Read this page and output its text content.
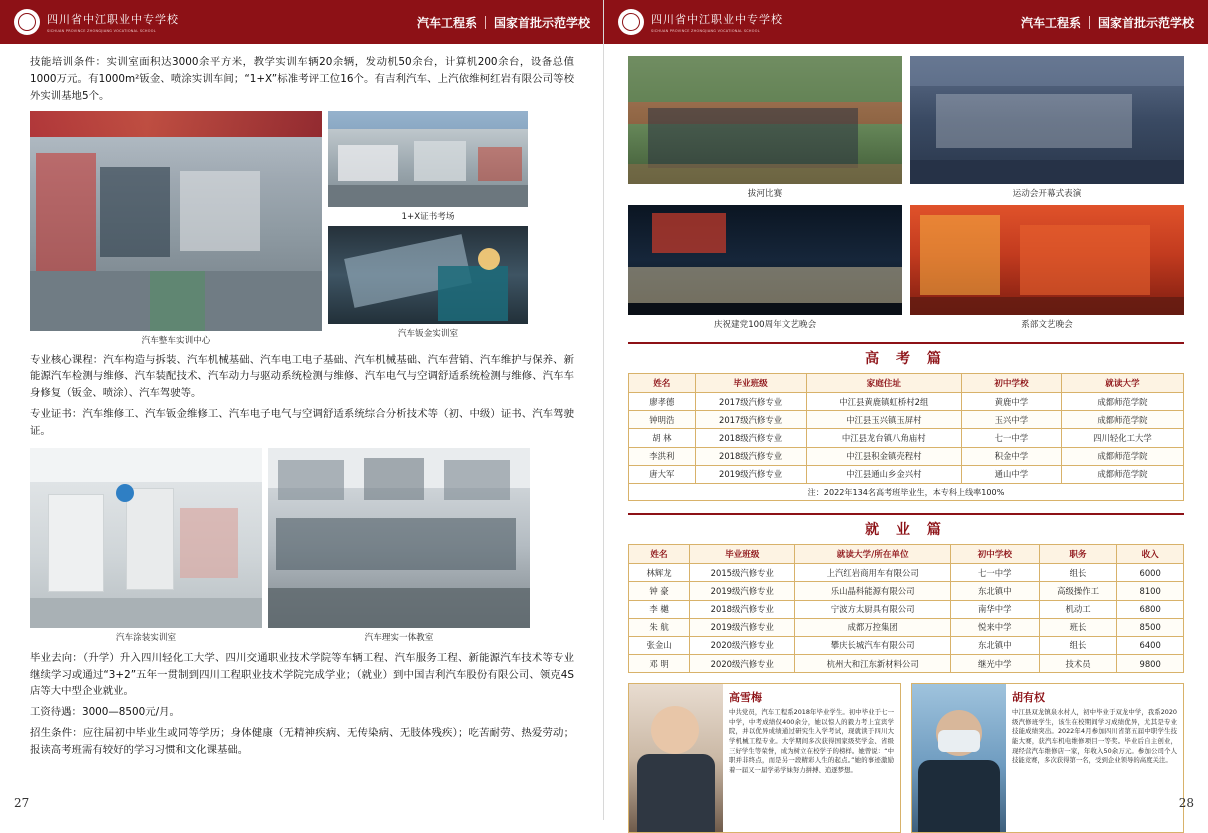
四川省中江职业中专学校
SICHUAN PROVINCE ZHONGJIANG VOCATIONAL SCHOOL
汽车工程系 国家首批示范学校

技能培训条件：实训室面积达3000余平方米，教学实训车辆20余辆，发动机50余台，计算机200余台，设备总值1000万元。有1000m²钣金、喷涂实训车间；“1+X”标准考评工位16个。有吉利汽车、上汽依维柯红岩有限公司等校外实训基地5个。

汽车整车实训中心
1+X证书考场
汽车钣金实训室

专业核心课程：汽车构造与拆装、汽车机械基础、汽车电工电子基础、汽车机械基础、汽车营销、汽车维护与保养、新能源汽车检测与维修、汽车装配技术、汽车动力与驱动系统检测与维修、汽车电气与空调舒适系统检测与维修、汽车车身修复（钣金、喷涂）、汽车驾驶等。

专业证书：汽车维修工、汽车钣金维修工、汽车电子电气与空调舒适系统综合分析技术等（初、中级）证书、汽车驾驶证。

汽车涂装实训室	汽车理实一体教室

毕业去向：（升学）升入四川轻化工大学、四川交通职业技术学院等车辆工程、汽车服务工程、新能源汽车技术等专业继续学习或通过“3+2”五年一贯制到四川工程职业技术学院完成学业；（就业）到中国吉利汽车股份有限公司、领克4S店等大中型企业就业。

工资待遇：3000—8500元/月。

招生条件：应往届初中毕业生或同等学历；身体健康（无精神疾病、无传染病、无肢体残疾）；吃苦耐劳、热爱劳动；报读高考班需有较好的学习习惯和文化课基础。

27
四川省中江职业中专学校
SICHUAN PROVINCE ZHONGJIANG VOCATIONAL SCHOOL
汽车工程系 国家首批示范学校
拔河比赛	运动会开幕式表演
庆祝建党100周年文艺晚会	系部文艺晚会
高 考 篇
姓名	毕业班级	家庭住址	初中学校	就读大学
廖孝德	2017级汽修专业	中江县黄鹿镇虹桥村2组	黄鹿中学	成都师范学院
钟明浩	2017级汽修专业	中江县玉兴镇玉屏村	玉兴中学	成都师范学院
胡 林	2018级汽修专业	中江县龙台镇八角庙村	七一中学	四川轻化工大学
李洪利	2018级汽修专业	中江县积金镇壳程村	积金中学	成都师范学院
唐大军	2019级汽修专业	中江县通山乡金兴村	通山中学	成都师范学院
注：2022年134名高考班毕业生，本专科上线率100%				
就 业 篇
姓名	毕业班级	就读大学/所在单位	初中学校	职务	收入
林辉龙	2015级汽修专业	上汽红岩商用车有限公司	七一中学	组长	6000
钟 豪	2019级汽修专业	乐山晶科能源有限公司	东北镇中	高级操作工	8100
李 樾	2018级汽修专业	宁波方太厨具有限公司	南华中学	机动工	6800
朱 航	2019级汽修专业	成都万控集团	悦来中学	班长	8500
张金山	2020级汽修专业	攀庆长城汽车有限公司	东北镇中	组长	6400
邓 明	2020级汽修专业	杭州大和江东新材料公司	继光中学	技术员	9800
高雪梅
中共党员，汽车工程系2018年毕业学生。初中毕业于七一中学，中考成绩仅400余分，她以惊人的毅力考上宜宾学院，并以优异成绩通过研究生入学考试，现就读于四川大学机械工程专业。大学期间多次获得国家级奖学金、省级三好学生等荣誉，成为树立在校学子的榜样。她曾说：“中职并非终点，而是另一段精彩人生的起点。”她的事迹激励着一届又一届学弟学妹努力拼搏、追逐梦想。
胡有权
中江县双龙镇泉水村人，初中毕业于双龙中学，我系2020级汽修班学生，该生在校期间学习成绩优异，尤其是专业技能成绩突出。2022年4月参加四川省第五届中职学生技能大赛，获汽车机电维修项目一等奖。毕业后自主创业，现经营汽车维修店一家，年收入50余万元。参加公司个人技能竞赛，多次获得第一名，受到企业领导的高度关注。
28
